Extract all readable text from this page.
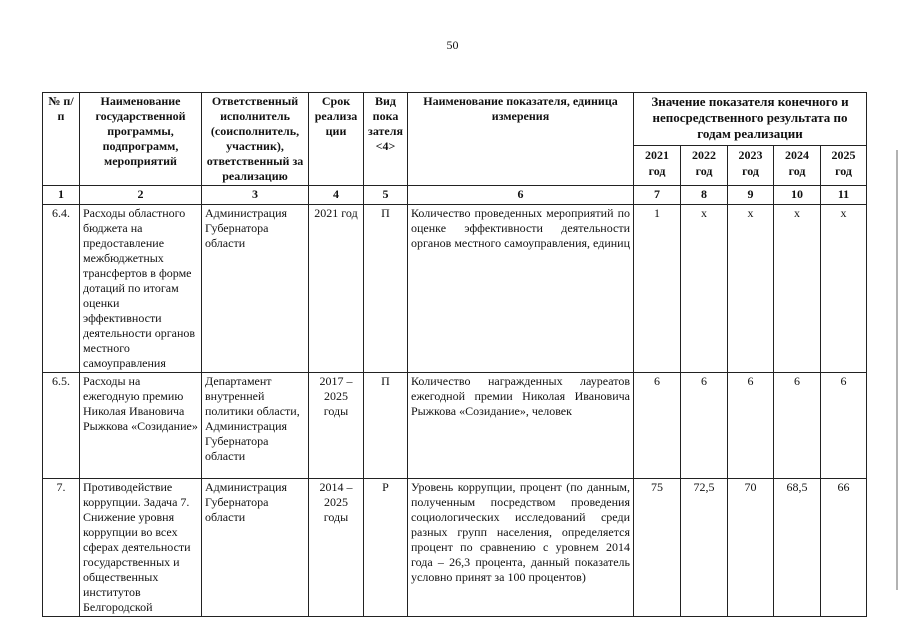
50
№ п/п	Наименование государственной программы, подпрограмм, мероприятий	Ответственный исполнитель (соисполнитель, участник), ответственный за реализацию	Срок реализа ции	Вид пока зателя <4>	Наименование показателя, единица измерения	Значение показателя конечного и непосредственного результата по годам реализации				
						2021 год	2022 год	2023 год	2024 год	2025 год
1	2	3	4	5	6	7	8	9	10	11
6.4.	Расходы областного бюджета на предоставление межбюджетных трансфертов в форме дотаций по итогам оценки эффективности деятельности органов местного самоуправления	Администрация Губернатора области	2021 год	П	Количество проведенных мероприятий по оценке эффективности деятельности органов местного самоуправления, единиц	1	х	х	х	х
6.5.	Расходы на ежегодную премию Николая Ивановича Рыжкова «Созидание»	Департамент внутренней политики области, Администрация Губернатора области	2017 – 2025 годы	П	Количество награжденных лауреатов ежегодной премии Николая Ивановича Рыжкова «Созидание», человек	6	6	6	6	6
7.	Противодействие коррупции. Задача 7. Снижение уровня коррупции во всех сферах деятельности государственных и общественных институтов Белгородской	Администрация Губернатора области	2014 – 2025 годы	Р	Уровень коррупции, процент (по данным, полученным посредством проведения социологических исследований среди разных групп населения, определяется процент по сравнению с уровнем 2014 года – 26,3 процента, данный показатель условно принят за 100 процентов)	75	72,5	70	68,5	66
